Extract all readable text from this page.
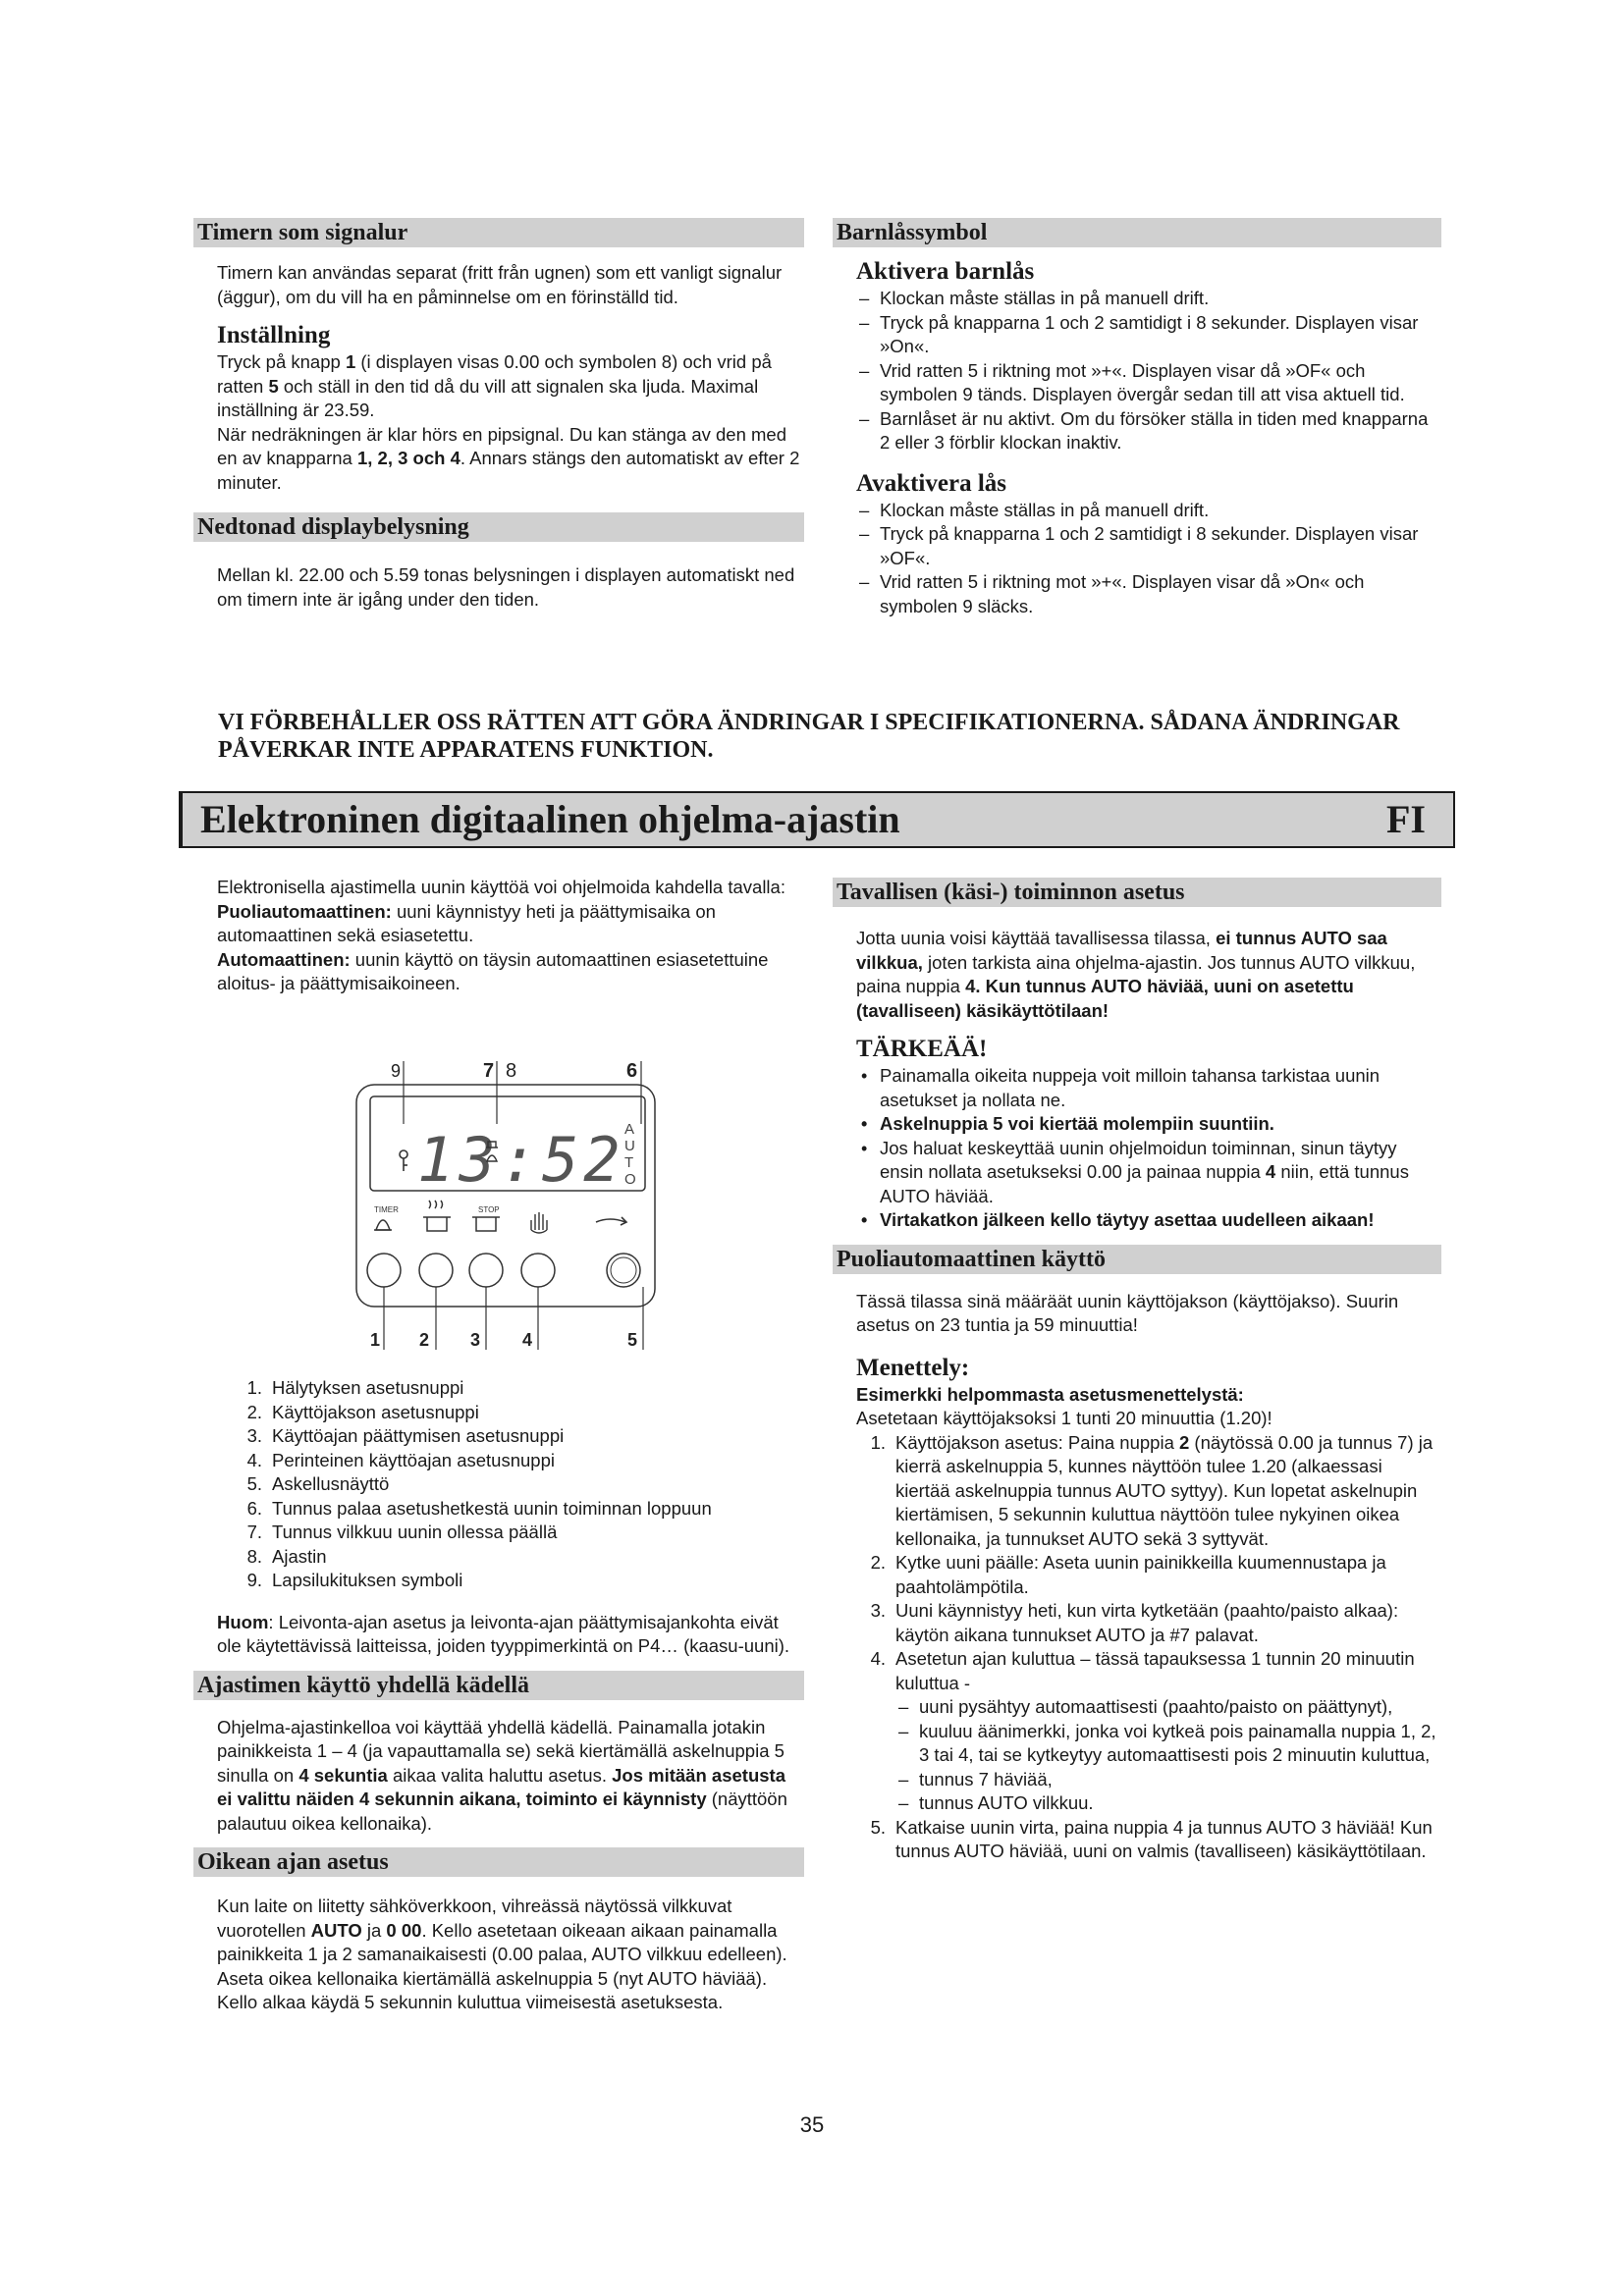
Timern som signalur

Timern kan användas separat (fritt från ugnen) som ett vanligt signalur (äggur), om du vill ha en påminnelse om en förinställd tid.

Inställning

Tryck på knapp 1 (i displayen visas 0.00 och symbolen 8) och vrid på ratten 5 och ställ in den tid då du vill att signalen ska ljuda. Maximal inställning är 23.59.

När nedräkningen är klar hörs en pipsignal. Du kan stänga av den med en av knapparna 1, 2, 3 och 4. Annars stängs den automatiskt av efter 2 minuter.

Nedtonad displaybelysning

Mellan kl. 22.00 och 5.59 tonas belysningen i displayen automatiskt ned om timern inte är igång under den tiden.

Barnlåssymbol

Aktivera barnlås

– Klockan måste ställas in på manuell drift.

– Tryck på knapparna 1 och 2 samtidigt i 8 sekunder. Displayen visar »On«.

– Vrid ratten 5 i riktning mot »+«. Displayen visar då »OF« och symbolen 9 tänds. Displayen övergår sedan till att visa aktuell tid.

– Barnlåset är nu aktivt. Om du försöker ställa in tiden med knapparna 2 eller 3 förblir klockan inaktiv.

Avaktivera lås

– Klockan måste ställas in på manuell drift.

– Tryck på knapparna 1 och 2 samtidigt i 8 sekunder. Displayen visar »OF«.

– Vrid ratten 5 i riktning mot »+«. Displayen visar då »On« och symbolen 9 släcks.

VI FÖRBEHÅLLER OSS RÄTTEN ATT GÖRA ÄNDRINGAR I SPECIFIKATIONERNA. SÅDANA ÄNDRINGAR PÅVERKAR INTE APPARATENS FUNKTION.
Elektroninen digitaalinen ohjelma-ajastin	FI

Elektronisella ajastimella uunin käyttöä voi ohjelmoida kahdella tavalla:

Puoliautomaattinen: uuni käynnistyy heti ja päättymisaika on automaattinen sekä esiasetettu.

Automaattinen: uunin käyttö on täysin automaattinen esiasetettuine aloitus- ja päättymisaikoineen.

9	7 8	6
13:52 A
U
T
O
TIMER	STOP
1 2 3 4	5

1. Hälytyksen asetusnuppi

2. Käyttöjakson asetusnuppi

3. Käyttöajan päättymisen asetusnuppi

4. Perinteinen käyttöajan asetusnuppi

5. Askellusnäyttö

6. Tunnus palaa asetushetkestä uunin toiminnan loppuun

7. Tunnus vilkkuu uunin ollessa päällä

8. Ajastin

9. Lapsilukituksen symboli

Huom: Leivonta-ajan asetus ja leivonta-ajan päättymisajankohta eivät ole käytettävissä laitteissa, joiden tyyppimerkintä on P4… (kaasu-uuni).

Ajastimen käyttö yhdellä kädellä

Ohjelma-ajastinkelloa voi käyttää yhdellä kädellä. Painamalla jotakin painikkeista 1 – 4 (ja vapauttamalla se) sekä kiertämällä askelnuppia 5 sinulla on 4 sekuntia aikaa valita haluttu asetus. Jos mitään asetusta ei valittu näiden 4 sekunnin aikana, toiminto ei käynnisty (näyttöön palautuu oikea kellonaika).

Oikean ajan asetus

Kun laite on liitetty sähköverkkoon, vihreässä näytössä vilkkuvat vuorotellen AUTO ja 0 00. Kello asetetaan oikeaan aikaan painamalla painikkeita 1 ja 2 samanaikaisesti (0.00 palaa, AUTO vilkkuu edelleen). Aseta oikea kellonaika kiertämällä askelnuppia 5 (nyt AUTO häviää). Kello alkaa käydä 5 sekunnin kuluttua viimeisestä asetuksesta.

Tavallisen (käsi-) toiminnon asetus

Jotta uunia voisi käyttää tavallisessa tilassa, ei tunnus AUTO saa vilkkua, joten tarkista aina ohjelma-ajastin. Jos tunnus AUTO vilkkuu, paina nuppia 4. Kun tunnus AUTO häviää, uuni on asetettu (tavalliseen) käsikäyttötilaan!

TÄRKEÄÄ!

• Painamalla oikeita nuppeja voit milloin tahansa tarkistaa uunin asetukset ja nollata ne.

• Askelnuppia 5 voi kiertää molempiin suuntiin.

• Jos haluat keskeyttää uunin ohjelmoidun toiminnan, sinun täytyy ensin nollata asetukseksi 0.00 ja painaa nuppia 4 niin, että tunnus AUTO häviää.

• Virtakatkon jälkeen kello täytyy asettaa uudelleen aikaan!

Puoliautomaattinen käyttö

Tässä tilassa sinä määräät uunin käyttöjakson (käyttöjakso). Suurin asetus on 23 tuntia ja 59 minuuttia!

Menettely:

Esimerkki helpommasta asetusmenettelystä:

Asetetaan käyttöjaksoksi 1 tunti 20 minuuttia (1.20)!

1. Käyttöjakson asetus: Paina nuppia 2 (näytössä 0.00 ja tunnus 7) ja kierrä askelnuppia 5, kunnes näyttöön tulee 1.20 (alkaessasi kiertää askelnuppia tunnus AUTO syttyy). Kun lopetat askelnupin kiertämisen, 5 sekunnin kuluttua näyttöön tulee nykyinen oikea kellonaika, ja tunnukset AUTO sekä 3 syttyvät.

2. Kytke uuni päälle: Aseta uunin painikkeilla kuumennustapa ja paahtolämpötila.

3. Uuni käynnistyy heti, kun virta kytketään (paahto/paisto alkaa): käytön aikana tunnukset AUTO ja #7 palavat.

4. Asetetun ajan kuluttua – tässä tapauksessa 1 tunnin 20 minuutin kuluttua -

– uuni pysähtyy automaattisesti (paahto/paisto on päättynyt),

– kuuluu äänimerkki, jonka voi kytkeä pois painamalla nuppia 1, 2, 3 tai 4, tai se kytkeytyy automaattisesti pois 2 minuutin kuluttua,

– tunnus 7 häviää,

– tunnus AUTO vilkkuu.

5. Katkaise uunin virta, paina nuppia 4 ja tunnus AUTO 3 häviää! Kun tunnus AUTO häviää, uuni on valmis (tavalliseen) käsikäyttötilaan.

35
